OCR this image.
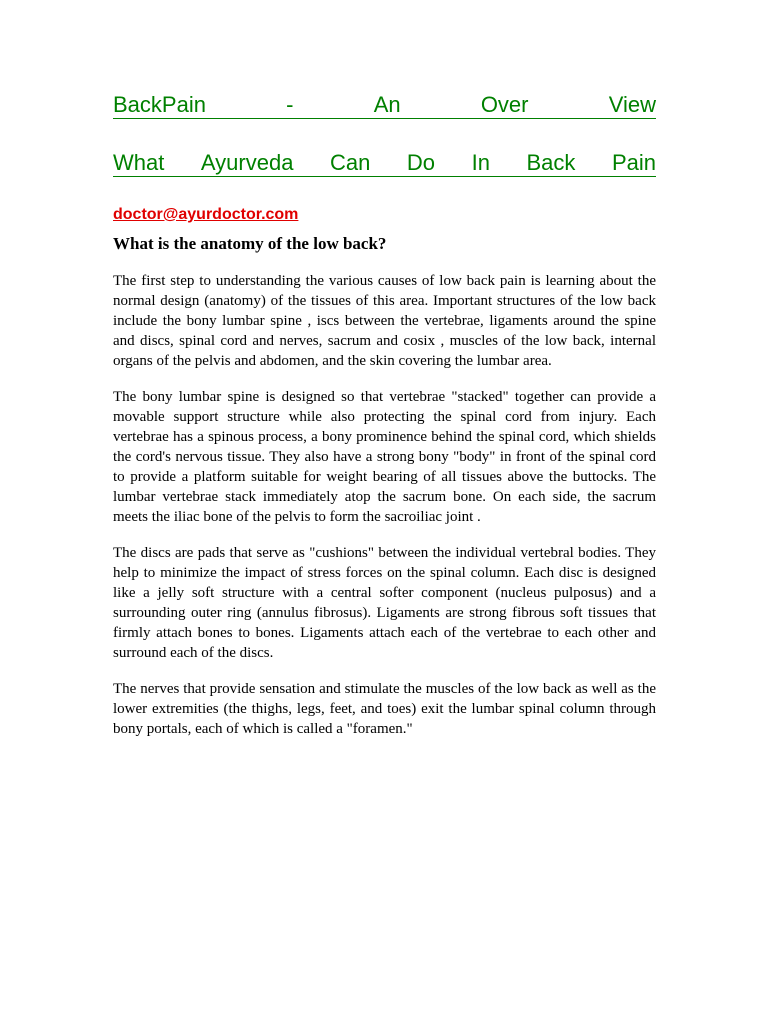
BackPain	-	An	Over	View
What Ayurveda Can Do In Back Pain
doctor@ayurdoctor.com
What is the anatomy of the low back?

The first step to understanding the various causes of low back pain is learning about the normal design (anatomy) of the tissues of this area. Important structures of the low back include the bony lumbar spine , iscs between the vertebrae, ligaments around the spine and discs, spinal cord and nerves, sacrum and cosix , muscles of the low back, internal organs of the pelvis and abdomen, and the skin covering the lumbar area.

The bony lumbar spine is designed so that vertebrae "stacked" together can provide a movable support structure while also protecting the spinal cord from injury. Each vertebrae has a spinous process, a bony prominence behind the spinal cord, which shields the cord's nervous tissue. They also have a strong bony "body" in front of the spinal cord to provide a platform suitable for weight bearing of all tissues above the buttocks. The lumbar vertebrae stack immediately atop the sacrum bone. On each side, the sacrum meets the iliac bone of the pelvis to form the sacroiliac joint .

The discs are pads that serve as "cushions" between the individual vertebral bodies. They help to minimize the impact of stress forces on the spinal column. Each disc is designed like a jelly soft structure with a central softer component (nucleus pulposus) and a surrounding outer ring (annulus fibrosus). Ligaments are strong fibrous soft tissues that firmly attach bones to bones. Ligaments attach each of the vertebrae to each other and surround each of the discs.

The nerves that provide sensation and stimulate the muscles of the low back as well as the lower extremities (the thighs, legs, feet, and toes) exit the lumbar spinal column through bony portals, each of which is called a "foramen."
